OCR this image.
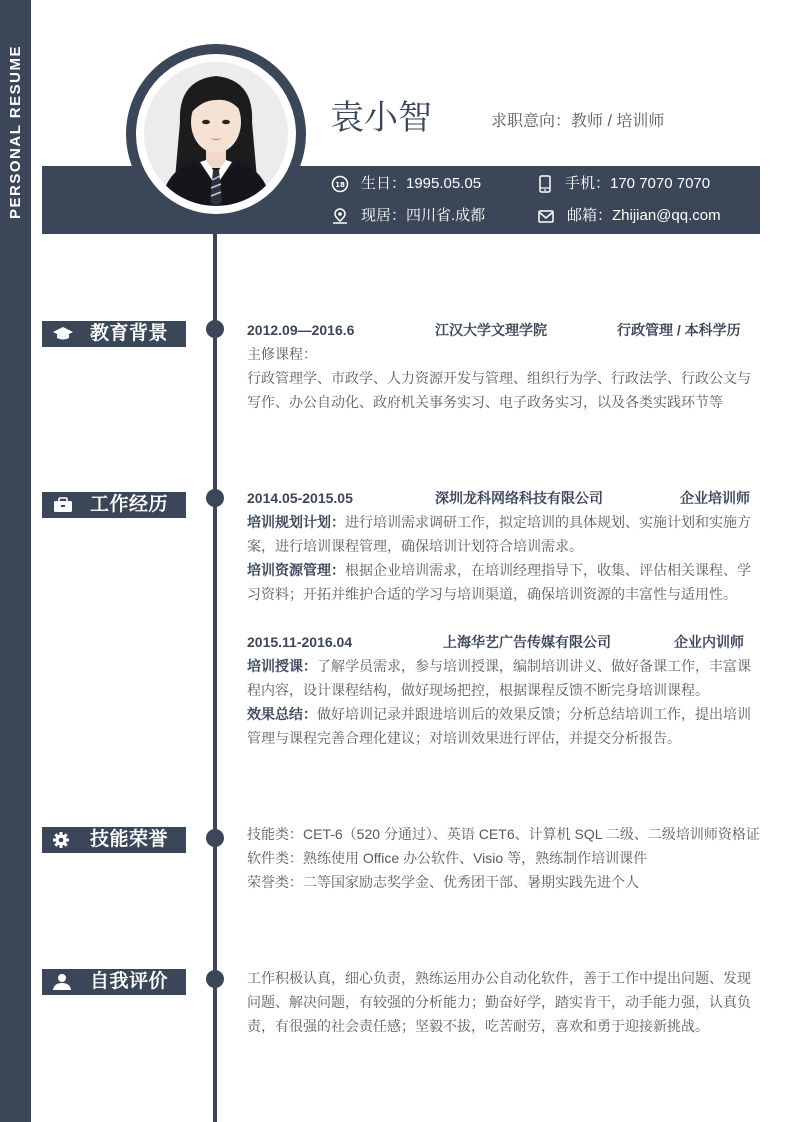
PERSONAL RESUME	袁小智	求职意向：教师 / 培训师
18 生日：1995.05.05	手机：170 7070 7070
现居：四川省.成都	邮箱：Zhijian@qq.com
教育背景	2012.09—2016.6	江汉大学文理学院	行政管理 / 本科学历
主修课程：
行政管理学、市政学、人力资源开发与管理、组织行为学、行政法学、行政公文与写作、办公自动化、政府机关事务实习、电子政务实习，以及各类实践环节等
工作经历	2014.05-2015.05	深圳龙科网络科技有限公司	企业培训师
培训规划计划：进行培训需求调研工作，拟定培训的具体规划、实施计划和实施方案，进行培训课程管理，确保培训计划符合培训需求。
培训资源管理：根据企业培训需求，在培训经理指导下，收集、评估相关课程、学习资料；开拓并维护合适的学习与培训渠道，确保培训资源的丰富性与适用性。
2015.11-2016.04	上海华艺广告传媒有限公司	企业内训师
培训授课：了解学员需求，参与培训授课，编制培训讲义、做好备课工作，丰富课程内容，设计课程结构，做好现场把控，根据课程反馈不断完身培训课程。
效果总结：做好培训记录并跟进培训后的效果反馈；分析总结培训工作，提出培训管理与课程完善合理化建议；对培训效果进行评估，并提交分析报告。
技能荣誉	技能类：CET-6（520 分通过）、英语 CET6、计算机 SQL 二级、二级培训师资格证
软件类：熟练使用 Office 办公软件、Visio 等，熟练制作培训课件
荣誉类：二等国家励志奖学金、优秀团干部、暑期实践先进个人
自我评价	工作积极认真，细心负责，熟练运用办公自动化软件，善于工作中提出问题、发现问题、解决问题，有较强的分析能力；勤奋好学，踏实肯干，动手能力强，认真负责，有很强的社会责任感；坚毅不拔，吃苦耐劳，喜欢和勇于迎接新挑战。
